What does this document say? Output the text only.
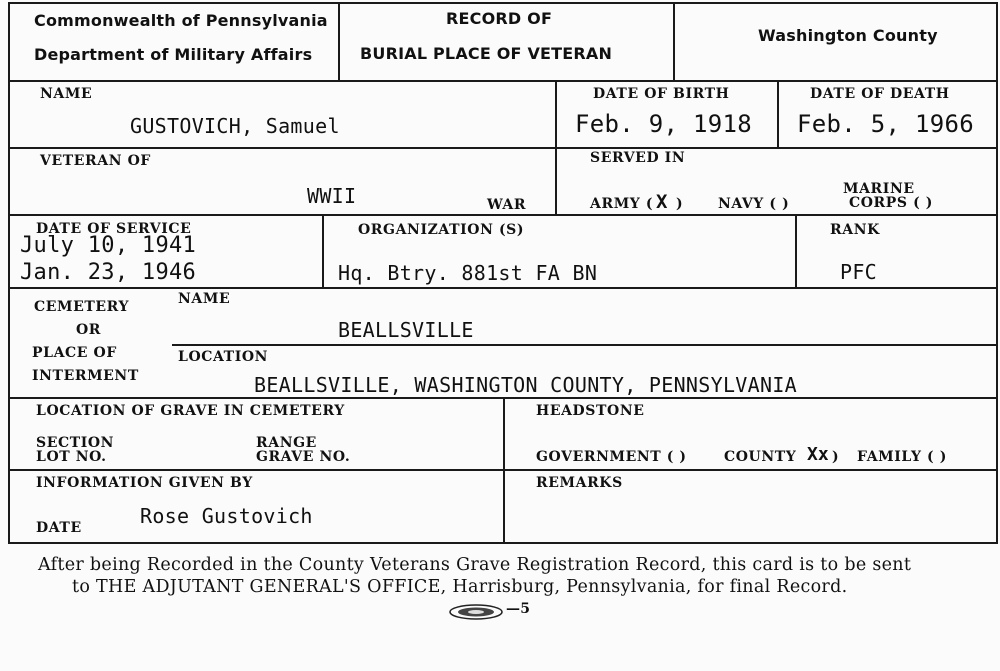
Commonwealth of Pennsylvania
Department of Military Affairs
RECORD OF
BURIAL PLACE OF VETERAN
Washington County
NAME
GUSTOVICH, Samuel
DATE OF BIRTH
Feb. 9, 1918
DATE OF DEATH
Feb. 5, 1966
VETERAN OF
WWII	WAR
SERVED IN
ARMY ( X ) NAVY ( )
MARINE
CORPS ( )
DATE OF SERVICE
July 10, 1941
Jan. 23, 1946
ORGANIZATION (S)
Hq. Btry. 881st FA BN
RANK
PFC
CEMETERY
OR
PLACE OF
INTERMENT
NAME
BEALLSVILLE
LOCATION
BEALLSVILLE, WASHINGTON COUNTY, PENNSYLVANIA
LOCATION OF GRAVE IN CEMETERY
SECTION
LOT NO.
RANGE
GRAVE NO.
HEADSTONE
GOVERNMENT ( )	COUNTY Xx ) FAMILY ( )
INFORMATION GIVEN BY
Rose Gustovich
DATE
REMARKS
After being Recorded in the County Veterans Grave Registration Record, this card is to be sent
to THE ADJUTANT GENERAL'S OFFICE, Harrisburg, Pennsylvania, for final Record.
—5
